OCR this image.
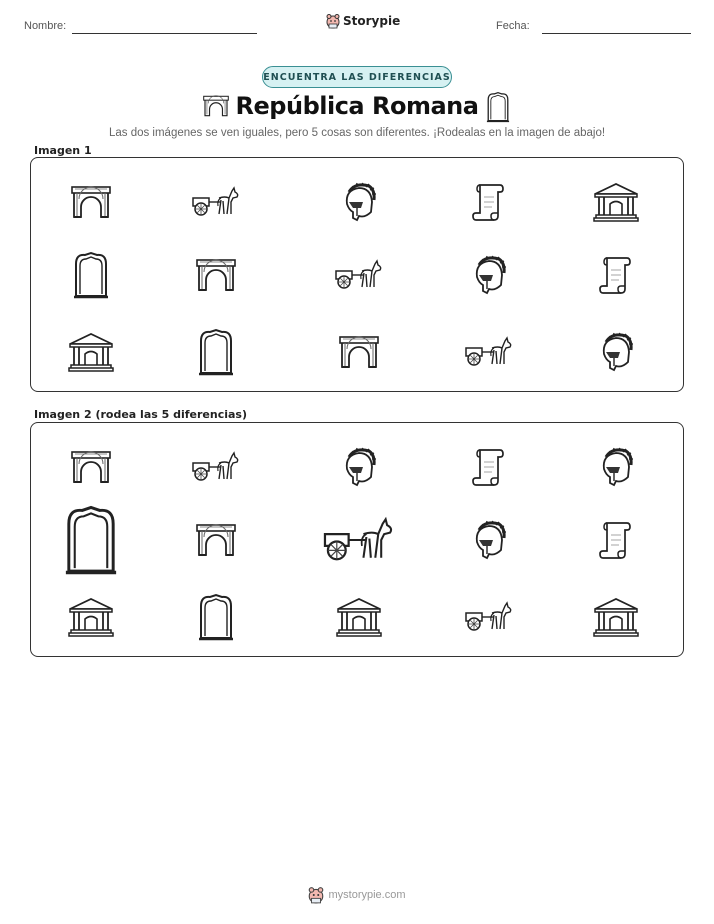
Nombre:	Storypie	Fecha:
ENCUENTRA LAS DIFERENCIAS
República Romana
Las dos imágenes se ven iguales, pero 5 cosas son diferentes. ¡Rodealas en la imagen de abajo!
Imagen 1
Imagen 2 (rodea las 5 diferencias)
mystorypie.com
